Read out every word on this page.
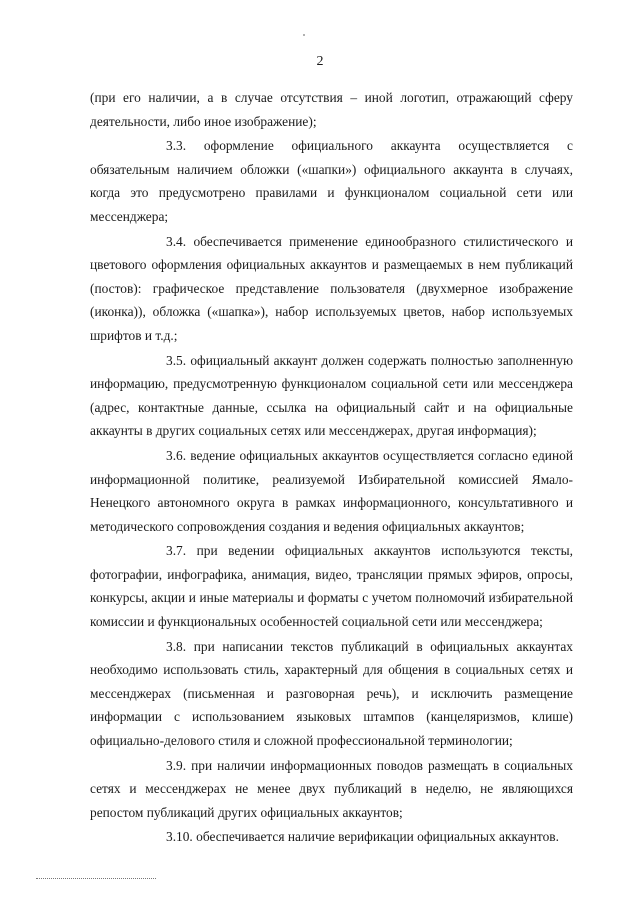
2

(при его наличии, а в случае отсутствия – иной логотип, отражающий сферу деятельности, либо иное изображение);

3.3. оформление официального аккаунта осуществляется с обязательным наличием обложки («шапки») официального аккаунта в случаях, когда это предусмотрено правилами и функционалом социальной сети или мессенджера;

3.4. обеспечивается применение единообразного стилистического и цветового оформления официальных аккаунтов и размещаемых в нем публикаций (постов): графическое представление пользователя (двухмерное изображение (иконка)), обложка («шапка»), набор используемых цветов, набор используемых шрифтов и т.д.;

3.5. официальный аккаунт должен содержать полностью заполненную информацию, предусмотренную функционалом социальной сети или мессенджера (адрес, контактные данные, ссылка на официальный сайт и на официальные аккаунты в других социальных сетях или мессенджерах, другая информация);

3.6. ведение официальных аккаунтов осуществляется согласно единой информационной политике, реализуемой Избирательной комиссией Ямало-Ненецкого автономного округа в рамках информационного, консультативного и методического сопровождения создания и ведения официальных аккаунтов;

3.7. при ведении официальных аккаунтов используются тексты, фотографии, инфографика, анимация, видео, трансляции прямых эфиров, опросы, конкурсы, акции и иные материалы и форматы с учетом полномочий избирательной комиссии и функциональных особенностей социальной сети или мессенджера;

3.8. при написании текстов публикаций в официальных аккаунтах необходимо использовать стиль, характерный для общения в социальных сетях и мессенджерах (письменная и разговорная речь), и исключить размещение информации с использованием языковых штампов (канцеляризмов, клише) официально-делового стиля и сложной профессиональной терминологии;

3.9. при наличии информационных поводов размещать в социальных сетях и мессенджерах не менее двух публикаций в неделю, не являющихся репостом публикаций других официальных аккаунтов;

3.10. обеспечивается наличие верификации официальных аккаунтов.
